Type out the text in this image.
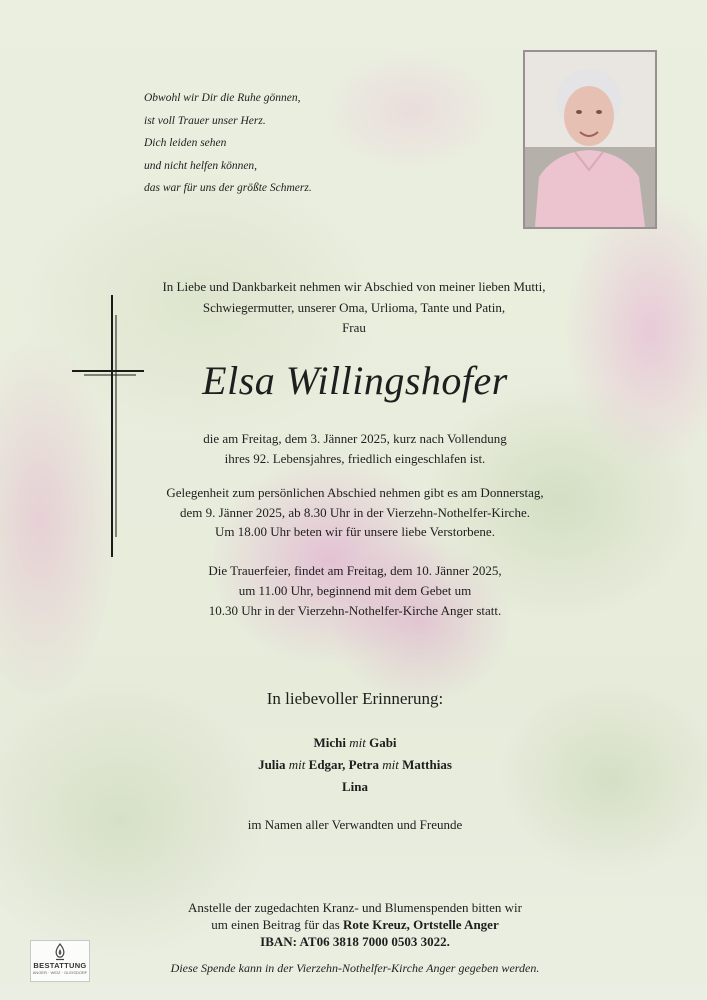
Obwohl wir Dir die Ruhe gönnen,
ist voll Trauer unser Herz.
Dich leiden sehen
und nicht helfen können,
das war für uns der größte Schmerz.
In Liebe und Dankbarkeit nehmen wir Abschied von meiner lieben Mutti,
Schwiegermutter, unserer Oma, Urlioma, Tante und Patin,
Frau
Elsa Willingshofer
die am Freitag, dem 3. Jänner 2025, kurz nach Vollendung
ihres 92. Lebensjahres, friedlich eingeschlafen ist.
Gelegenheit zum persönlichen Abschied nehmen gibt es am Donnerstag,
dem 9. Jänner 2025, ab 8.30 Uhr in der Vierzehn-Nothelfer-Kirche.
Um 18.00 Uhr beten wir für unsere liebe Verstorbene.
Die Trauerfeier, findet am Freitag, dem 10. Jänner 2025,
um 11.00 Uhr, beginnend mit dem Gebet um
10.30 Uhr in der Vierzehn-Nothelfer-Kirche Anger statt.
In liebevoller Erinnerung:
Michi mit Gabi
Julia mit Edgar, Petra mit Matthias
Lina
im Namen aller Verwandten und Freunde
Anstelle der zugedachten Kranz- und Blumenspenden bitten wir
um einen Beitrag für das Rote Kreuz, Ortstelle Anger
IBAN: AT06 3818 7000 0503 3022.
Diese Spende kann in der Vierzehn-Nothelfer-Kirche Anger gegeben werden.
BESTATTUNG
ANGER · WEIZ · GLEISDORF
